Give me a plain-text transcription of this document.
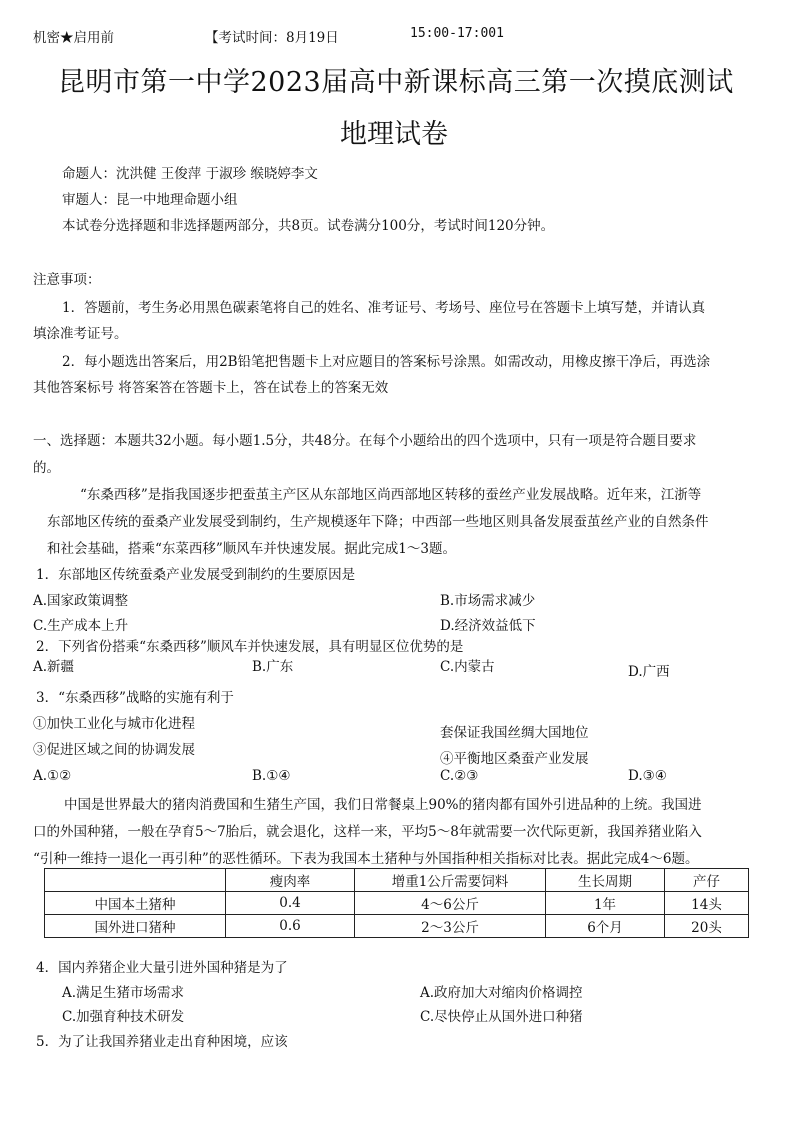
机密★启用前	【考试时间：8月19日	15:00-17:001
昆明市第一中学2023届高中新课标高三第一次摸底测试
地理试卷
命题人：沈洪健 王俊萍 于淑珍 缑晓婷李文
审题人：昆一中地理命题小组
本试卷分选择题和非选择题两部分，共8页。试卷满分100分，考试时间120分钟。
注意事项：
1．答题前，考生务必用黑色碳素笔将自己的姓名、准考证号、考场号、座位号在答题卡上填写楚，并请认真
填涂准考证号。
2．每小题选出答案后，用2B铅笔把售题卡上对应题目的答案标号涂黑。如需改动，用橡皮擦干净后，再选涂
其他答案标号 将答案答在答题卡上，答在试卷上的答案无效
一、选择题：本题共32小题。每小题1.5分，共48分。在每个小题给出的四个选项中，只有一项是符合题目要求
的。
“东桑西移”是指我国逐步把蚕茧主产区从东部地区尚西部地区转移的蚕丝产业发展战略。近年来，江浙等
东部地区传统的蚕桑产业发展受到制约，生产规模逐年下降；中西部一些地区则具备发展蚕茧丝产业的自然条件
和社会基础，搭乘“东菜西移”顺风车并快速发展。据此完成1～3题。
1．东部地区传统蚕桑产业发展受到制约的生要原因是
A.国家政策调整	B.市场需求减少
C.生产成本上升	D.经济效益低下
2．下列省份搭乘“东桑西移”顺风车并快速发展，具有明显区位优势的是
A.新疆	B.广东	C.内蒙古	D.广西
3．“东桑西移”战略的实施有利于
①加快工业化与城市化进程
套保证我国丝绸大国地位
③促进区域之间的协调发展
④平衡地区桑蚕产业发展
A.①②	B.①④	C.②③	D.③④
中国是世界最大的猪肉消费国和生猪生产国，我们日常餐桌上90%的猪肉都有国外引进品种的上统。我国进
口的外国种猪，一般在孕育5～7胎后，就会退化，这样一来，平均5～8年就需要一次代际更新，我国养猪业陷入
“引种一维持一退化一再引种”的恶性循环。下表为我国本土猪种与外国指种相关指标对比表。据此完成4～6题。
	瘦肉率	增重1公斤需要饲料	生长周期	产仔
中国本土猪种	0.4	4～6公斤	1年	14头
国外进口猪种	0.6	2～3公斤	6个月	20头
4．国内养猪企业大量引进外国种猪是为了
A.满足生猪市场需求	A.政府加大对缩肉价格调控
C.加强育种技术研发	C.尽快停止从国外进口种猪
5．为了让我国养猪业走出育种困境，应该
